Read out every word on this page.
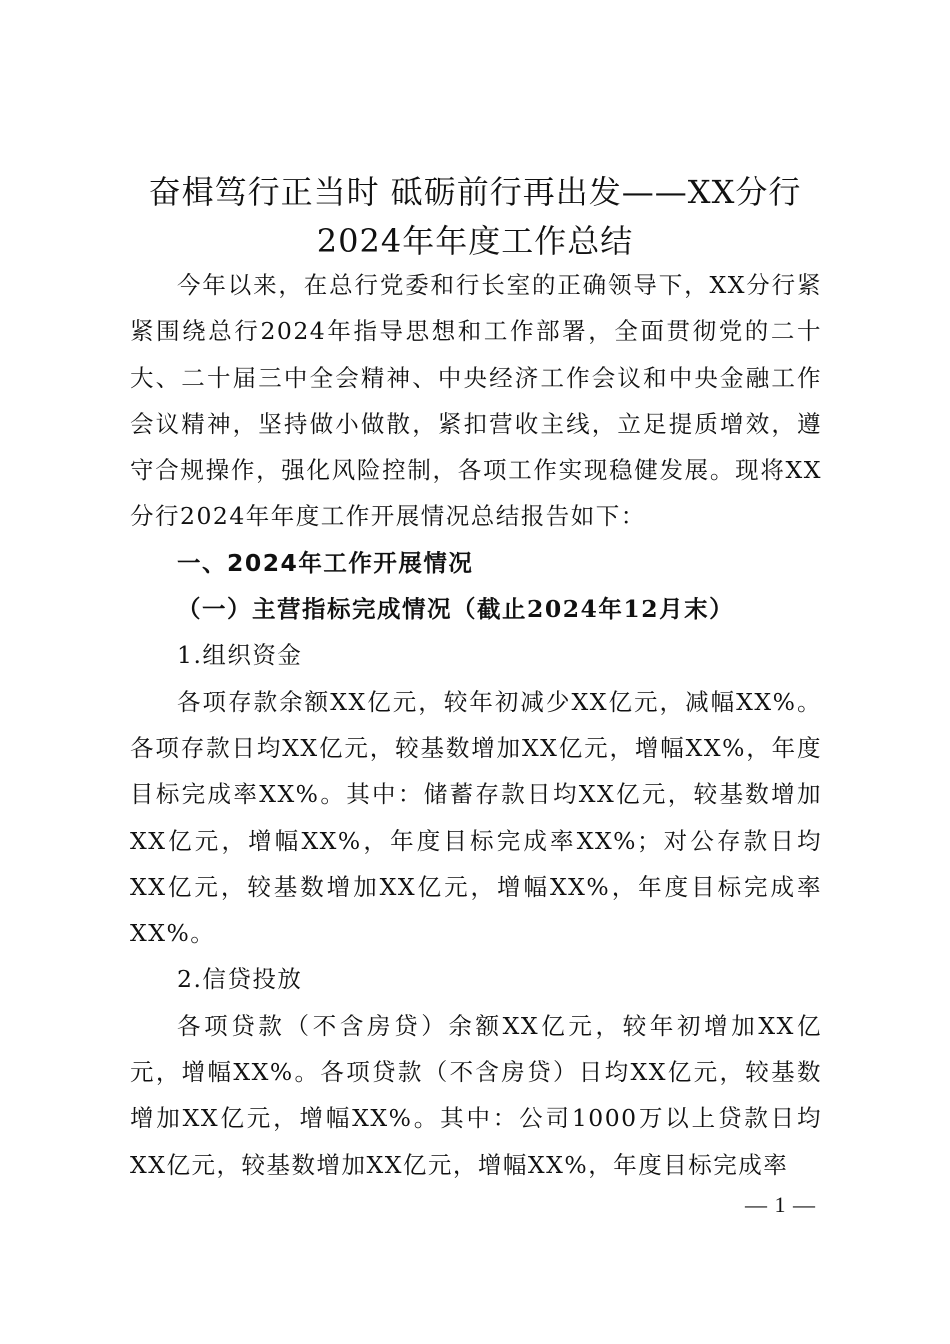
奋楫笃行正当时 砥砺前行再出发——XX分行2024年年度工作总结

今年以来，在总行党委和行长室的正确领导下，XX分行紧紧围绕总行2024年指导思想和工作部署，全面贯彻党的二十大、二十届三中全会精神、中央经济工作会议和中央金融工作会议精神，坚持做小做散，紧扣营收主线，立足提质增效，遵守合规操作，强化风险控制，各项工作实现稳健发展。现将XX分行2024年年度工作开展情况总结报告如下：

一、2024年工作开展情况

（一）主营指标完成情况（截止2024年12月末）

1.组织资金

各项存款余额XX亿元，较年初减少XX亿元，减幅XX%。各项存款日均XX亿元，较基数增加XX亿元，增幅XX%，年度目标完成率XX%。其中：储蓄存款日均XX亿元，较基数增加XX亿元，增幅XX%，年度目标完成率XX%；对公存款日均XX亿元，较基数增加XX亿元，增幅XX%，年度目标完成率XX%。

2.信贷投放

各项贷款（不含房贷）余额XX亿元，较年初增加XX亿元，增幅XX%。各项贷款（不含房贷）日均XX亿元，较基数增加XX亿元，增幅XX%。其中：公司1000万以上贷款日均XX亿元，较基数增加XX亿元，增幅XX%，年度目标完成率

— 1 —
